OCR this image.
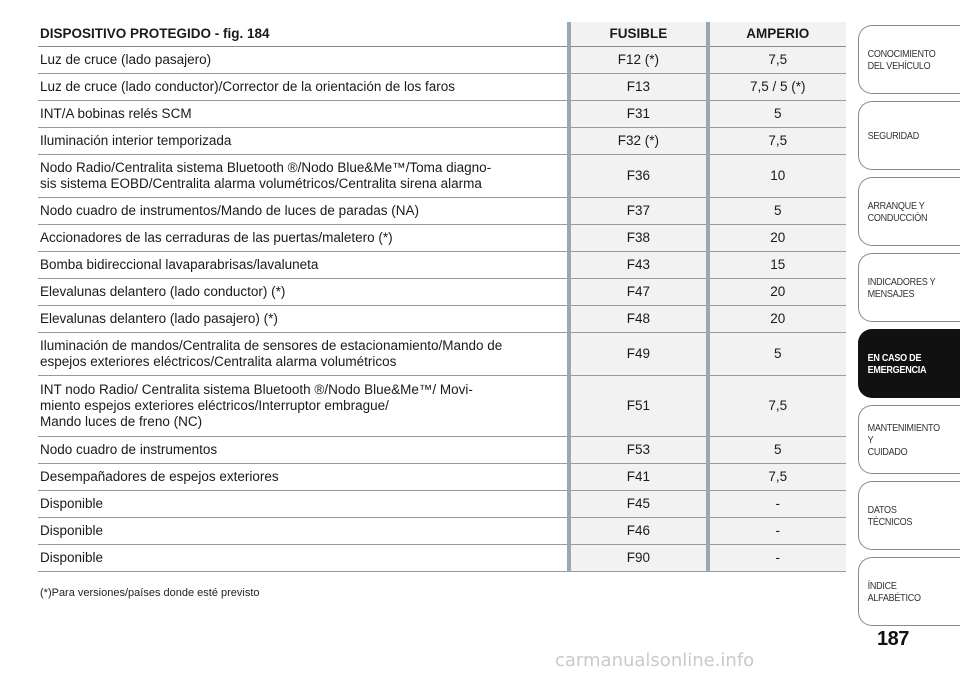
DISPOSITIVO PROTEGIDO - fig. 184	FUSIBLE	AMPERIO
Luz de cruce (lado pasajero)	F12 (*)	7,5
Luz de cruce (lado conductor)/Corrector de la orientación de los faros	F13	7,5 / 5 (*)
INT/A bobinas relés SCM	F31	5
Iluminación interior temporizada	F32 (*)	7,5
Nodo Radio/Centralita sistema Bluetooth ®/Nodo Blue&Me™/Toma diagno-
sis sistema EOBD/Centralita alarma volumétricos/Centralita sirena alarma	F36	10
Nodo cuadro de instrumentos/Mando de luces de paradas (NA)	F37	5
Accionadores de las cerraduras de las puertas/maletero (*)	F38	20
Bomba bidireccional lavaparabrisas/lavaluneta	F43	15
Elevalunas delantero (lado conductor) (*)	F47	20
Elevalunas delantero (lado pasajero) (*)	F48	20
Iluminación de mandos/Centralita de sensores de estacionamiento/Mando de
espejos exteriores eléctricos/Centralita alarma volumétricos	F49	5
INT nodo Radio/ Centralita sistema Bluetooth ®/Nodo Blue&Me™/ Movi-
miento espejos exteriores eléctricos/Interruptor embrague/
Mando luces de freno (NC)	F51	7,5
Nodo cuadro de instrumentos	F53	5
Desempañadores de espejos exteriores	F41	7,5
Disponible	F45	-
Disponible	F46	-
Disponible	F90	-
(*)Para versiones/países donde esté previsto
CONOCIMIENTO
DEL VEHÍCULO
SEGURIDAD
ARRANQUE Y
CONDUCCIÓN
INDICADORES Y
MENSAJES
EN CASO DE
EMERGENCIA
MANTENIMIENTO Y
CUIDADO
DATOS TÉCNICOS
ÍNDICE ALFABÉTICO
187
carmanualsonline.info
